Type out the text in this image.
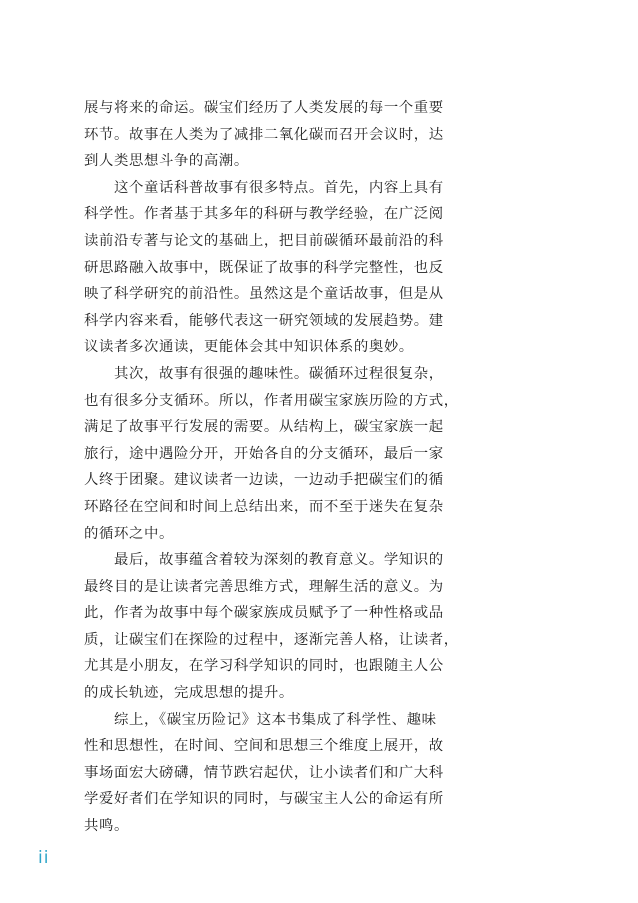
展与将来的命运。碳宝们经历了人类发展的每一个重要
环节。故事在人类为了减排二氧化碳而召开会议时，达
到人类思想斗争的高潮。
　　这个童话科普故事有很多特点。首先，内容上具有
科学性。作者基于其多年的科研与教学经验，在广泛阅
读前沿专著与论文的基础上，把目前碳循环最前沿的科
研思路融入故事中，既保证了故事的科学完整性，也反
映了科学研究的前沿性。虽然这是个童话故事，但是从
科学内容来看，能够代表这一研究领域的发展趋势。建
议读者多次通读，更能体会其中知识体系的奥妙。
　　其次，故事有很强的趣味性。碳循环过程很复杂，
也有很多分支循环。所以，作者用碳宝家族历险的方式，
满足了故事平行发展的需要。从结构上，碳宝家族一起
旅行，途中遇险分开，开始各自的分支循环，最后一家
人终于团聚。建议读者一边读，一边动手把碳宝们的循
环路径在空间和时间上总结出来，而不至于迷失在复杂
的循环之中。
　　最后，故事蕴含着较为深刻的教育意义。学知识的
最终目的是让读者完善思维方式，理解生活的意义。为
此，作者为故事中每个碳家族成员赋予了一种性格或品
质，让碳宝们在探险的过程中，逐渐完善人格，让读者，
尤其是小朋友，在学习科学知识的同时，也跟随主人公
的成长轨迹，完成思想的提升。
　　综上，《碳宝历险记》这本书集成了科学性、趣味
性和思想性，在时间、空间和思想三个维度上展开，故
事场面宏大磅礴，情节跌宕起伏，让小读者们和广大科
学爱好者们在学知识的同时，与碳宝主人公的命运有所
共鸣。
ii
